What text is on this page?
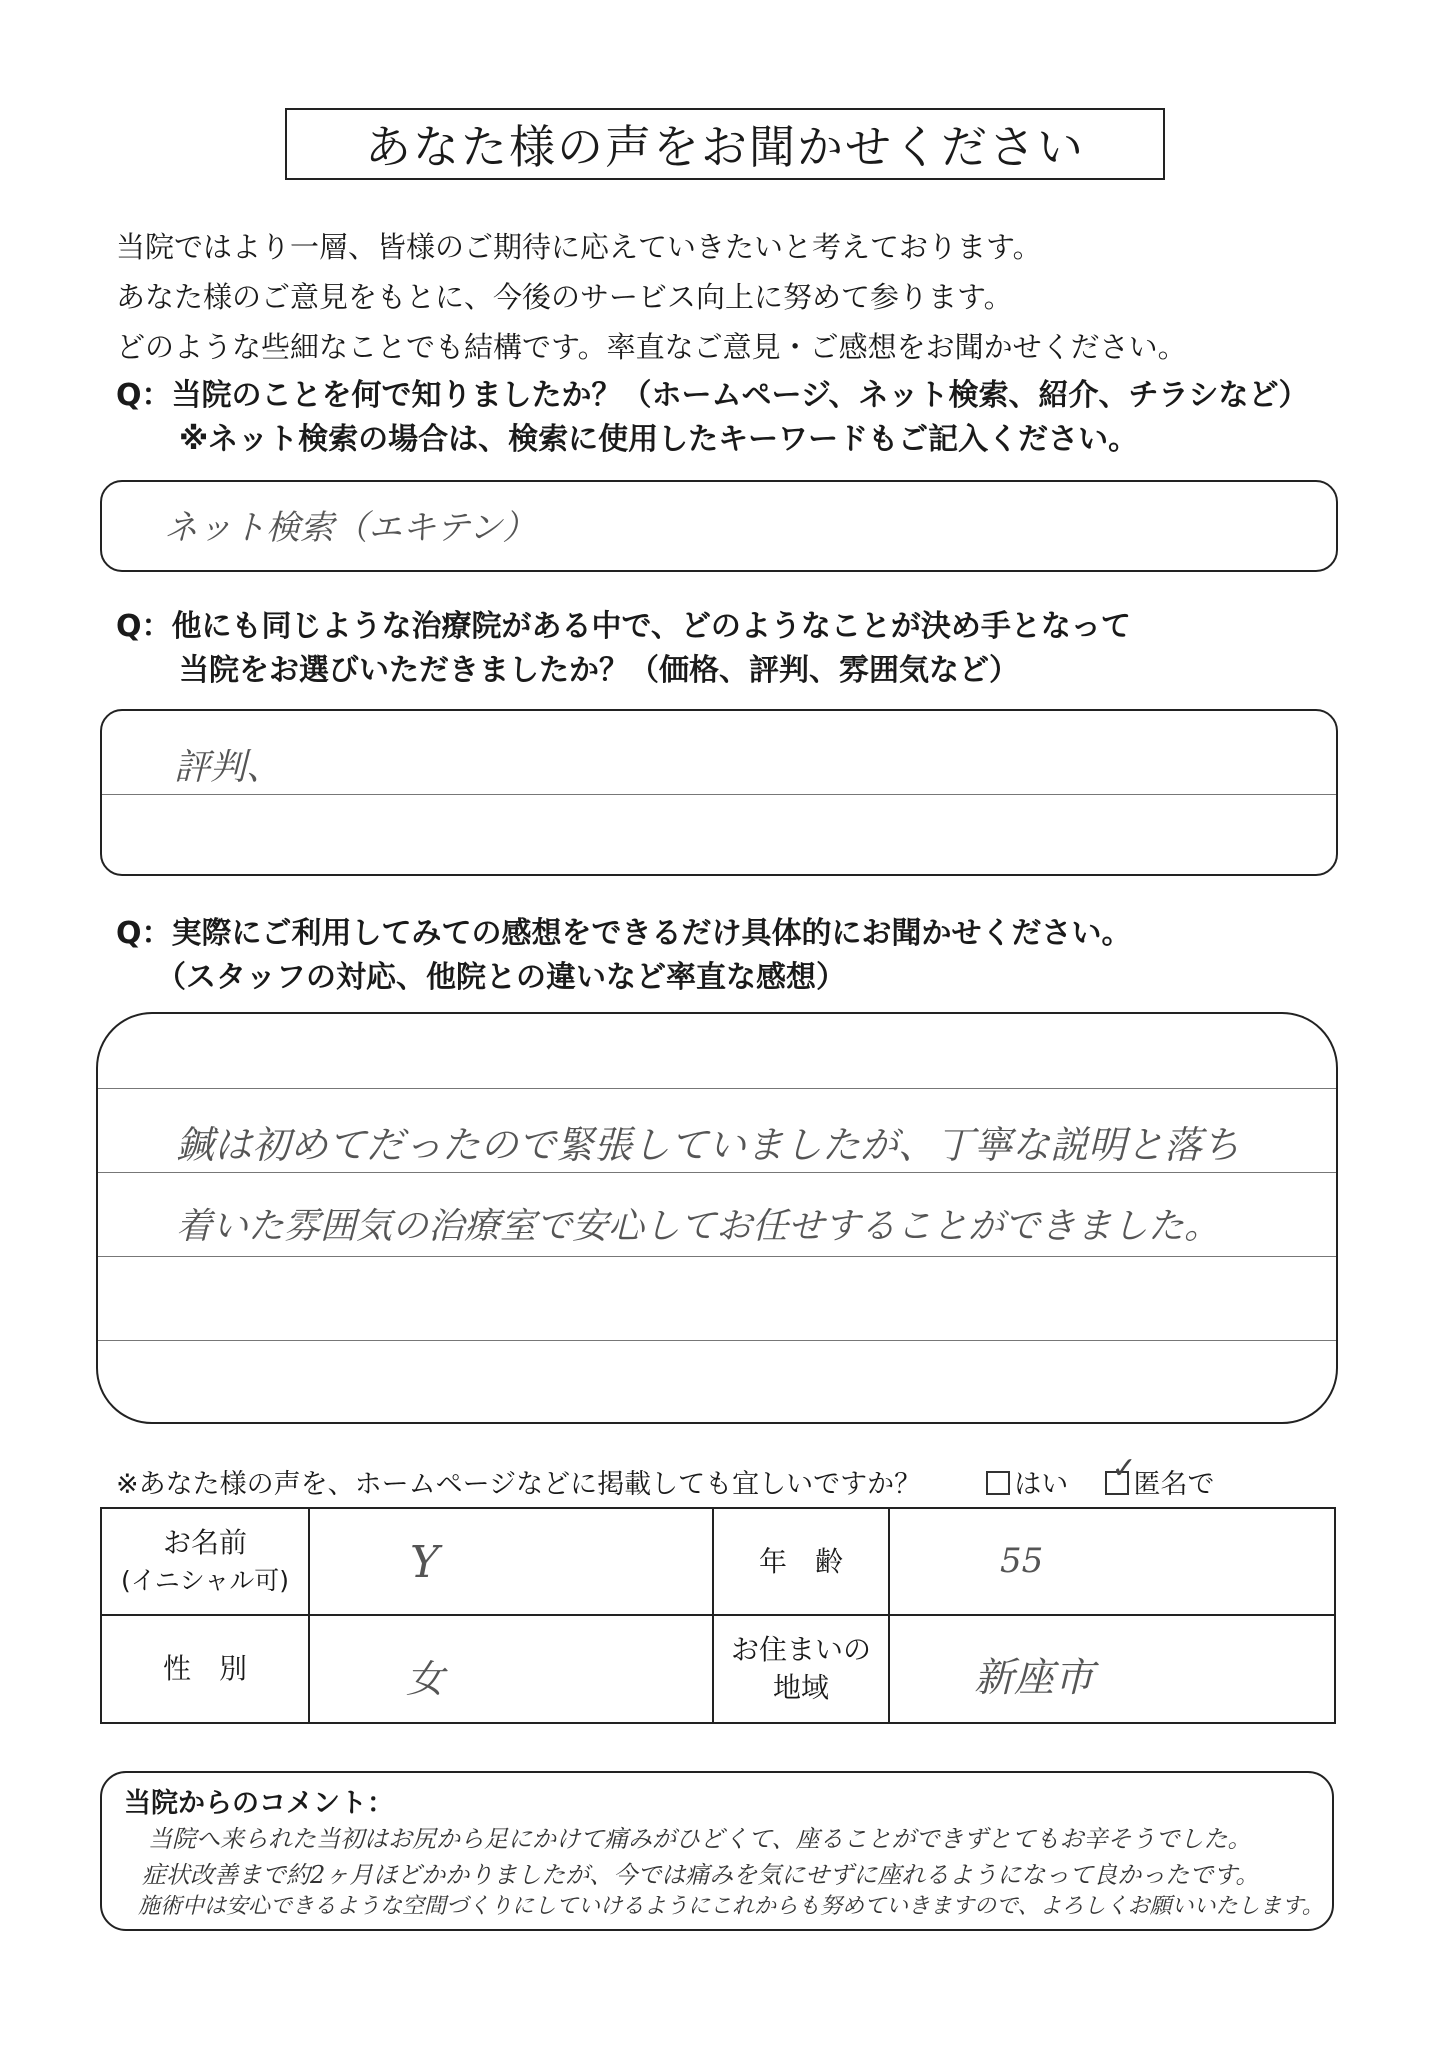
あなた様の声をお聞かせください
当院ではより一層、皆様のご期待に応えていきたいと考えております。
あなた様のご意見をもとに、今後のサービス向上に努めて参ります。
どのような些細なことでも結構です。率直なご意見・ご感想をお聞かせください。
Q：当院のことを何で知りましたか？（ホームページ、ネット検索、紹介、チラシなど）
※ネット検索の場合は、検索に使用したキーワードもご記入ください。
ネット検索（エキテン）
Q：他にも同じような治療院がある中で、どのようなことが決め手となって
当院をお選びいただきましたか？（価格、評判、雰囲気など）
評判、
Q：実際にご利用してみての感想をできるだけ具体的にお聞かせください。
（スタッフの対応、他院との違いなど率直な感想）
鍼は初めてだったので緊張していましたが、丁寧な説明と落ち
着いた雰囲気の治療室で安心してお任せすることができました。
※あなた様の声を、ホームページなどに掲載しても宜しいですか？	はい ✓ 匿名で
お名前
(イニシャル可)	Y	年　齢	55

性　別	女	お住まいの
地域	新座市
当院からのコメント：
当院へ来られた当初はお尻から足にかけて痛みがひどくて、座ることができずとてもお辛そうでした。
症状改善まで約2ヶ月ほどかかりましたが、今では痛みを気にせずに座れるようになって良かったです。
施術中は安心できるような空間づくりにしていけるようにこれからも努めていきますので、よろしくお願いいたします。
